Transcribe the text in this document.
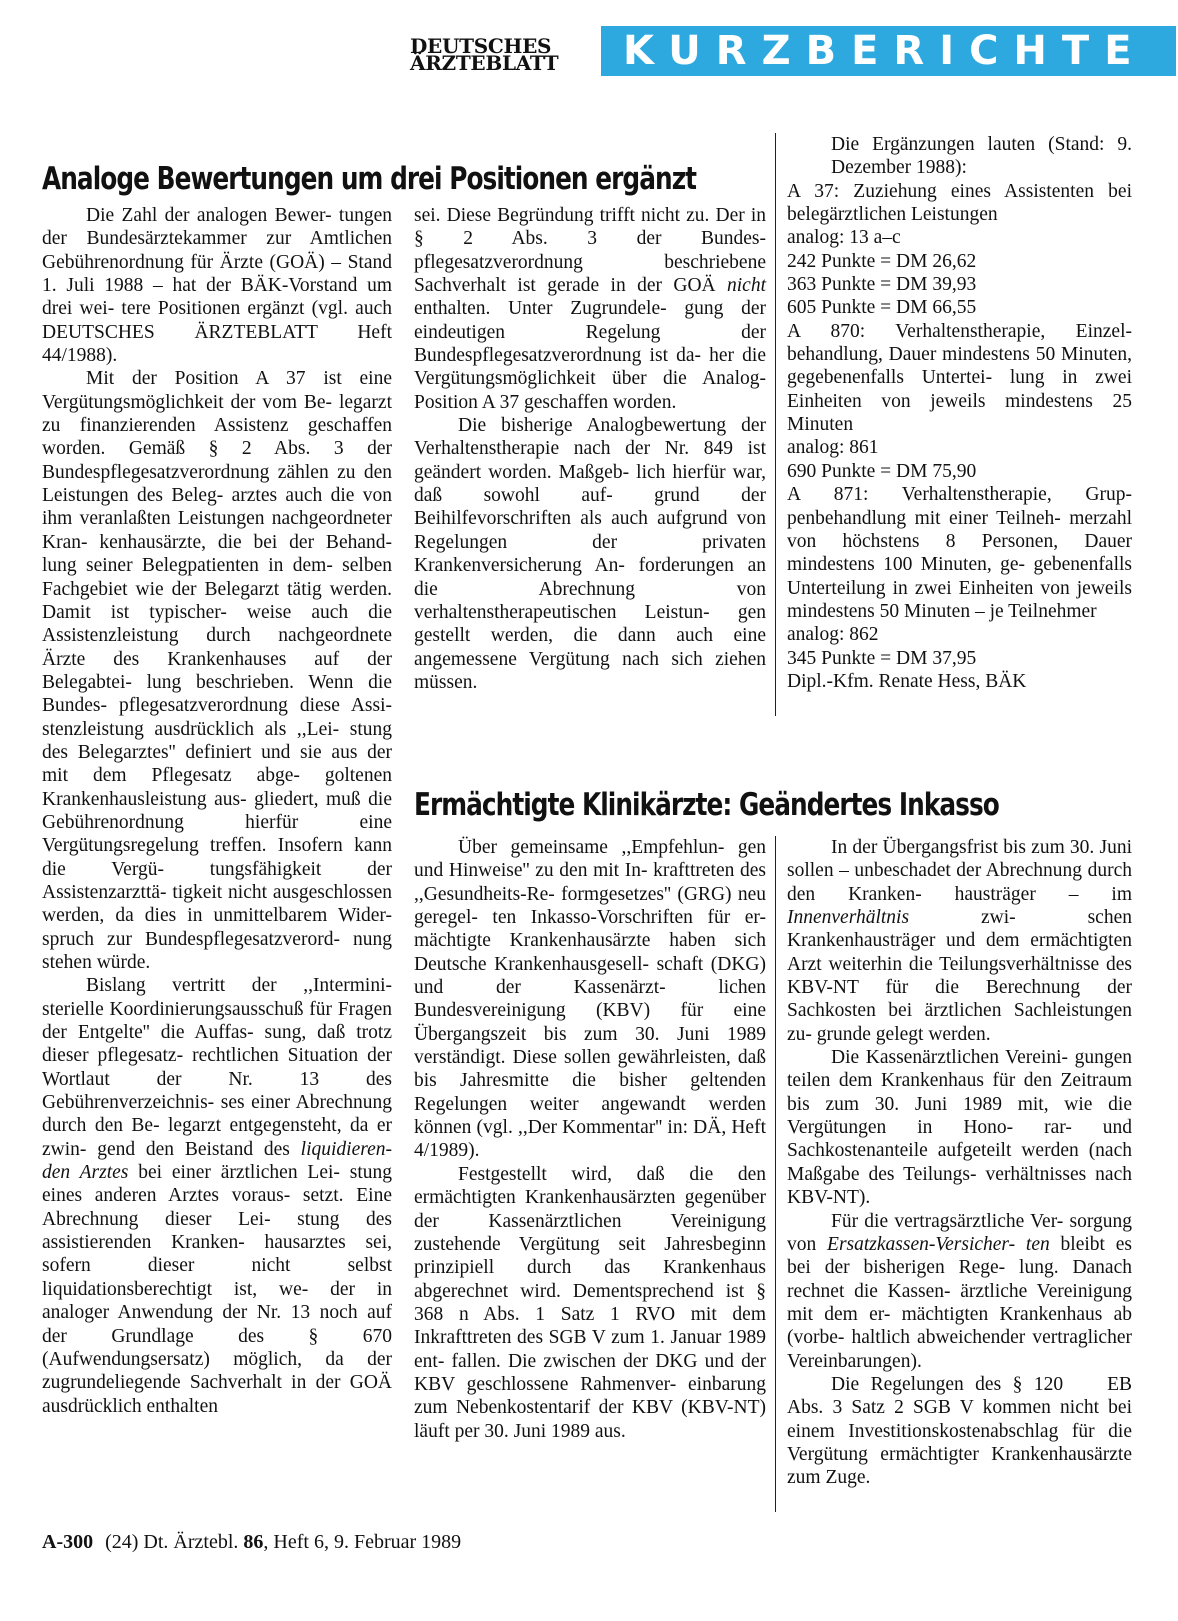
DEUTSCHES
ÄRZTEBLATT	KURZBERICHTE
Analoge Bewertungen um drei Positionen ergänzt

Die Zahl der analogen Bewer- tungen der Bundesärztekammer zur Amtlichen Gebührenordnung für Ärzte (GOÄ) – Stand 1. Juli 1988 – hat der BÄK-Vorstand um drei wei- tere Positionen ergänzt (vgl. auch DEUTSCHES ÄRZTEBLATT Heft 44/1988).

Mit der Position A 37 ist eine Vergütungsmöglichkeit der vom Be- legarzt zu finanzierenden Assistenz geschaffen worden. Gemäß § 2 Abs. 3 der Bundespflegesatzverordnung zählen zu den Leistungen des Beleg- arztes auch die von ihm veranlaßten Leistungen nachgeordneter Kran- kenhausärzte, die bei der Behand- lung seiner Belegpatienten in dem- selben Fachgebiet wie der Belegarzt tätig werden. Damit ist typischer- weise auch die Assistenzleistung durch nachgeordnete Ärzte des Krankenhauses auf der Belegabtei- lung beschrieben. Wenn die Bundes- pflegesatzverordnung diese Assi- stenzleistung ausdrücklich als ,,Lei- stung des Belegarztes'' definiert und sie aus der mit dem Pflegesatz abge- goltenen Krankenhausleistung aus- gliedert, muß die Gebührenordnung hierfür eine Vergütungsregelung treffen. Insofern kann die Vergü- tungsfähigkeit der Assistenzarzttä- tigkeit nicht ausgeschlossen werden, da dies in unmittelbarem Wider- spruch zur Bundespflegesatzverord- nung stehen würde.

Bislang vertritt der ,,Intermini- sterielle Koordinierungsausschuß für Fragen der Entgelte'' die Auffas- sung, daß trotz dieser pflegesatz- rechtlichen Situation der Wortlaut der Nr. 13 des Gebührenverzeichnis- ses einer Abrechnung durch den Be- legarzt entgegensteht, da er zwin- gend den Beistand des liquidieren- den Arztes bei einer ärztlichen Lei- stung eines anderen Arztes voraus- setzt. Eine Abrechnung dieser Lei- stung des assistierenden Kranken- hausarztes sei, sofern dieser nicht selbst liquidationsberechtigt ist, we- der in analoger Anwendung der Nr. 13 noch auf der Grundlage des § 670 (Aufwendungsersatz) möglich, da der zugrundeliegende Sachverhalt in der GOÄ ausdrücklich enthalten

sei. Diese Begründung trifft nicht zu. Der in § 2 Abs. 3 der Bundes- pflegesatzverordnung beschriebene Sachverhalt ist gerade in der GOÄ nicht enthalten. Unter Zugrundele- gung der eindeutigen Regelung der Bundespflegesatzverordnung ist da- her die Vergütungsmöglichkeit über die Analog-Position A 37 geschaffen worden.

Die bisherige Analogbewertung der Verhaltenstherapie nach der Nr. 849 ist geändert worden. Maßgeb- lich hierfür war, daß sowohl auf- grund der Beihilfevorschriften als auch aufgrund von Regelungen der privaten Krankenversicherung An- forderungen an die Abrechnung von verhaltenstherapeutischen Leistun- gen gestellt werden, die dann auch eine angemessene Vergütung nach sich ziehen müssen.

Die Ergänzungen lauten (Stand: 9. Dezember 1988):
A 37: Zuziehung eines Assistenten bei belegärztlichen Leistungen
analog: 13 a–c
242 Punkte = DM 26,62
363 Punkte = DM 39,93
605 Punkte = DM 66,55
A 870: Verhaltenstherapie, Einzel- behandlung, Dauer mindestens 50 Minuten, gegebenenfalls Untertei- lung in zwei Einheiten von jeweils mindestens 25 Minuten
analog: 861
690 Punkte = DM 75,90
A 871: Verhaltenstherapie, Grup- penbehandlung mit einer Teilneh- merzahl von höchstens 8 Personen, Dauer mindestens 100 Minuten, ge- gebenenfalls Unterteilung in zwei Einheiten von jeweils mindestens 50 Minuten – je Teilnehmer
analog: 862
345 Punkte = DM 37,95
Dipl.-Kfm. Renate Hess, BÄK
Ermächtigte Klinikärzte: Geändertes Inkasso

Über gemeinsame ,,Empfehlun- gen und Hinweise'' zu den mit In- krafttreten des ,,Gesundheits-Re- formgesetzes'' (GRG) neu geregel- ten Inkasso-Vorschriften für er- mächtigte Krankenhausärzte haben sich Deutsche Krankenhausgesell- schaft (DKG) und der Kassenärzt- lichen Bundesvereinigung (KBV) für eine Übergangszeit bis zum 30. Juni 1989 verständigt. Diese sollen gewährleisten, daß bis Jahresmitte die bisher geltenden Regelungen weiter angewandt werden können (vgl. ,,Der Kommentar'' in: DÄ, Heft 4/1989).

Festgestellt wird, daß die den ermächtigten Krankenhausärzten gegenüber der Kassenärztlichen Vereinigung zustehende Vergütung seit Jahresbeginn prinzipiell durch das Krankenhaus abgerechnet wird. Dementsprechend ist § 368 n Abs. 1 Satz 1 RVO mit dem Inkrafttreten des SGB V zum 1. Januar 1989 ent- fallen. Die zwischen der DKG und der KBV geschlossene Rahmenver- einbarung zum Nebenkostentarif der KBV (KBV-NT) läuft per 30. Juni 1989 aus.

In der Übergangsfrist bis zum 30. Juni sollen – unbeschadet der Abrechnung durch den Kranken- hausträger – im Innenverhältnis zwi- schen Krankenhausträger und dem ermächtigten Arzt weiterhin die Teilungsverhältnisse des KBV-NT für die Berechnung der Sachkosten bei ärztlichen Sachleistungen zu- grunde gelegt werden.

Die Kassenärztlichen Vereini- gungen teilen dem Krankenhaus für den Zeitraum bis zum 30. Juni 1989 mit, wie die Vergütungen in Hono- rar- und Sachkostenanteile aufgeteilt werden (nach Maßgabe des Teilungs- verhältnisses nach KBV-NT).

Für die vertragsärztliche Ver- sorgung von Ersatzkassen-Versicher- ten bleibt es bei der bisherigen Rege- lung. Danach rechnet die Kassen- ärztliche Vereinigung mit dem er- mächtigten Krankenhaus ab (vorbe- haltlich abweichender vertraglicher Vereinbarungen).

EB
Die Regelungen des § 120 Abs. 3 Satz 2 SGB V kommen nicht bei einem Investitionskostenabschlag für die Vergütung ermächtigter Krankenhausärzte zum Zuge.

A-300 (24) Dt. Ärztebl. 86, Heft 6, 9. Februar 1989
